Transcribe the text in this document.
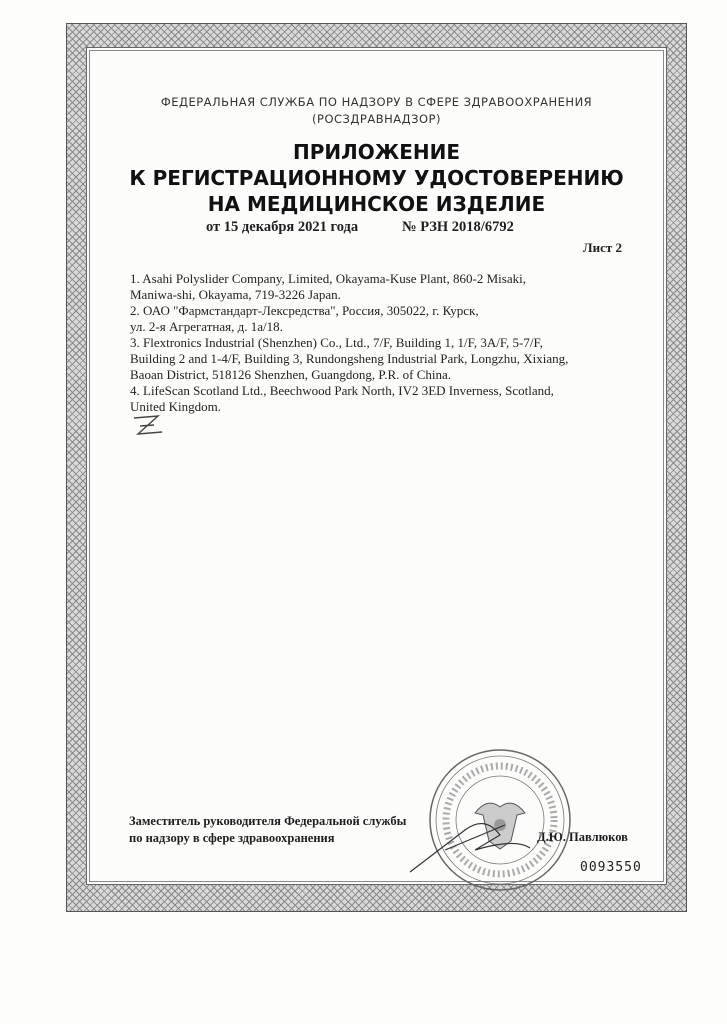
ФЕДЕРАЛЬНАЯ СЛУЖБА ПО НАДЗОРУ В СФЕРЕ ЗДРАВООХРАНЕНИЯ
(РОСЗДРАВНАДЗОР)
ПРИЛОЖЕНИЕ
К РЕГИСТРАЦИОННОМУ УДОСТОВЕРЕНИЮ
НА МЕДИЦИНСКОЕ ИЗДЕЛИЕ
от 15 декабря 2021 года	№ РЗН 2018/6792
Лист 2

1. Asahi Polyslider Company, Limited, Okayama-Kuse Plant, 860-2 Misaki,

Maniwa-shi, Okayama, 719-3226 Japan.

2. ОАО "Фармстандарт-Лексредства", Россия, 305022, г. Курск,

ул. 2-я Агрегатная, д. 1а/18.

3. Flextronics Industrial (Shenzhen) Co., Ltd., 7/F, Building 1, 1/F, 3A/F, 5-7/F,

Building 2 and 1-4/F, Building 3, Rundongsheng Industrial Park, Longzhu, Xixiang,

Baoan District, 518126 Shenzhen, Guangdong, P.R. of China.

4. LifeScan Scotland Ltd., Beechwood Park North, IV2 3ED Inverness, Scotland,

United Kingdom.

Заместитель руководителя Федеральной службы
по надзору в сфере здравоохранения	Д.Ю. Павлюков
0093550
